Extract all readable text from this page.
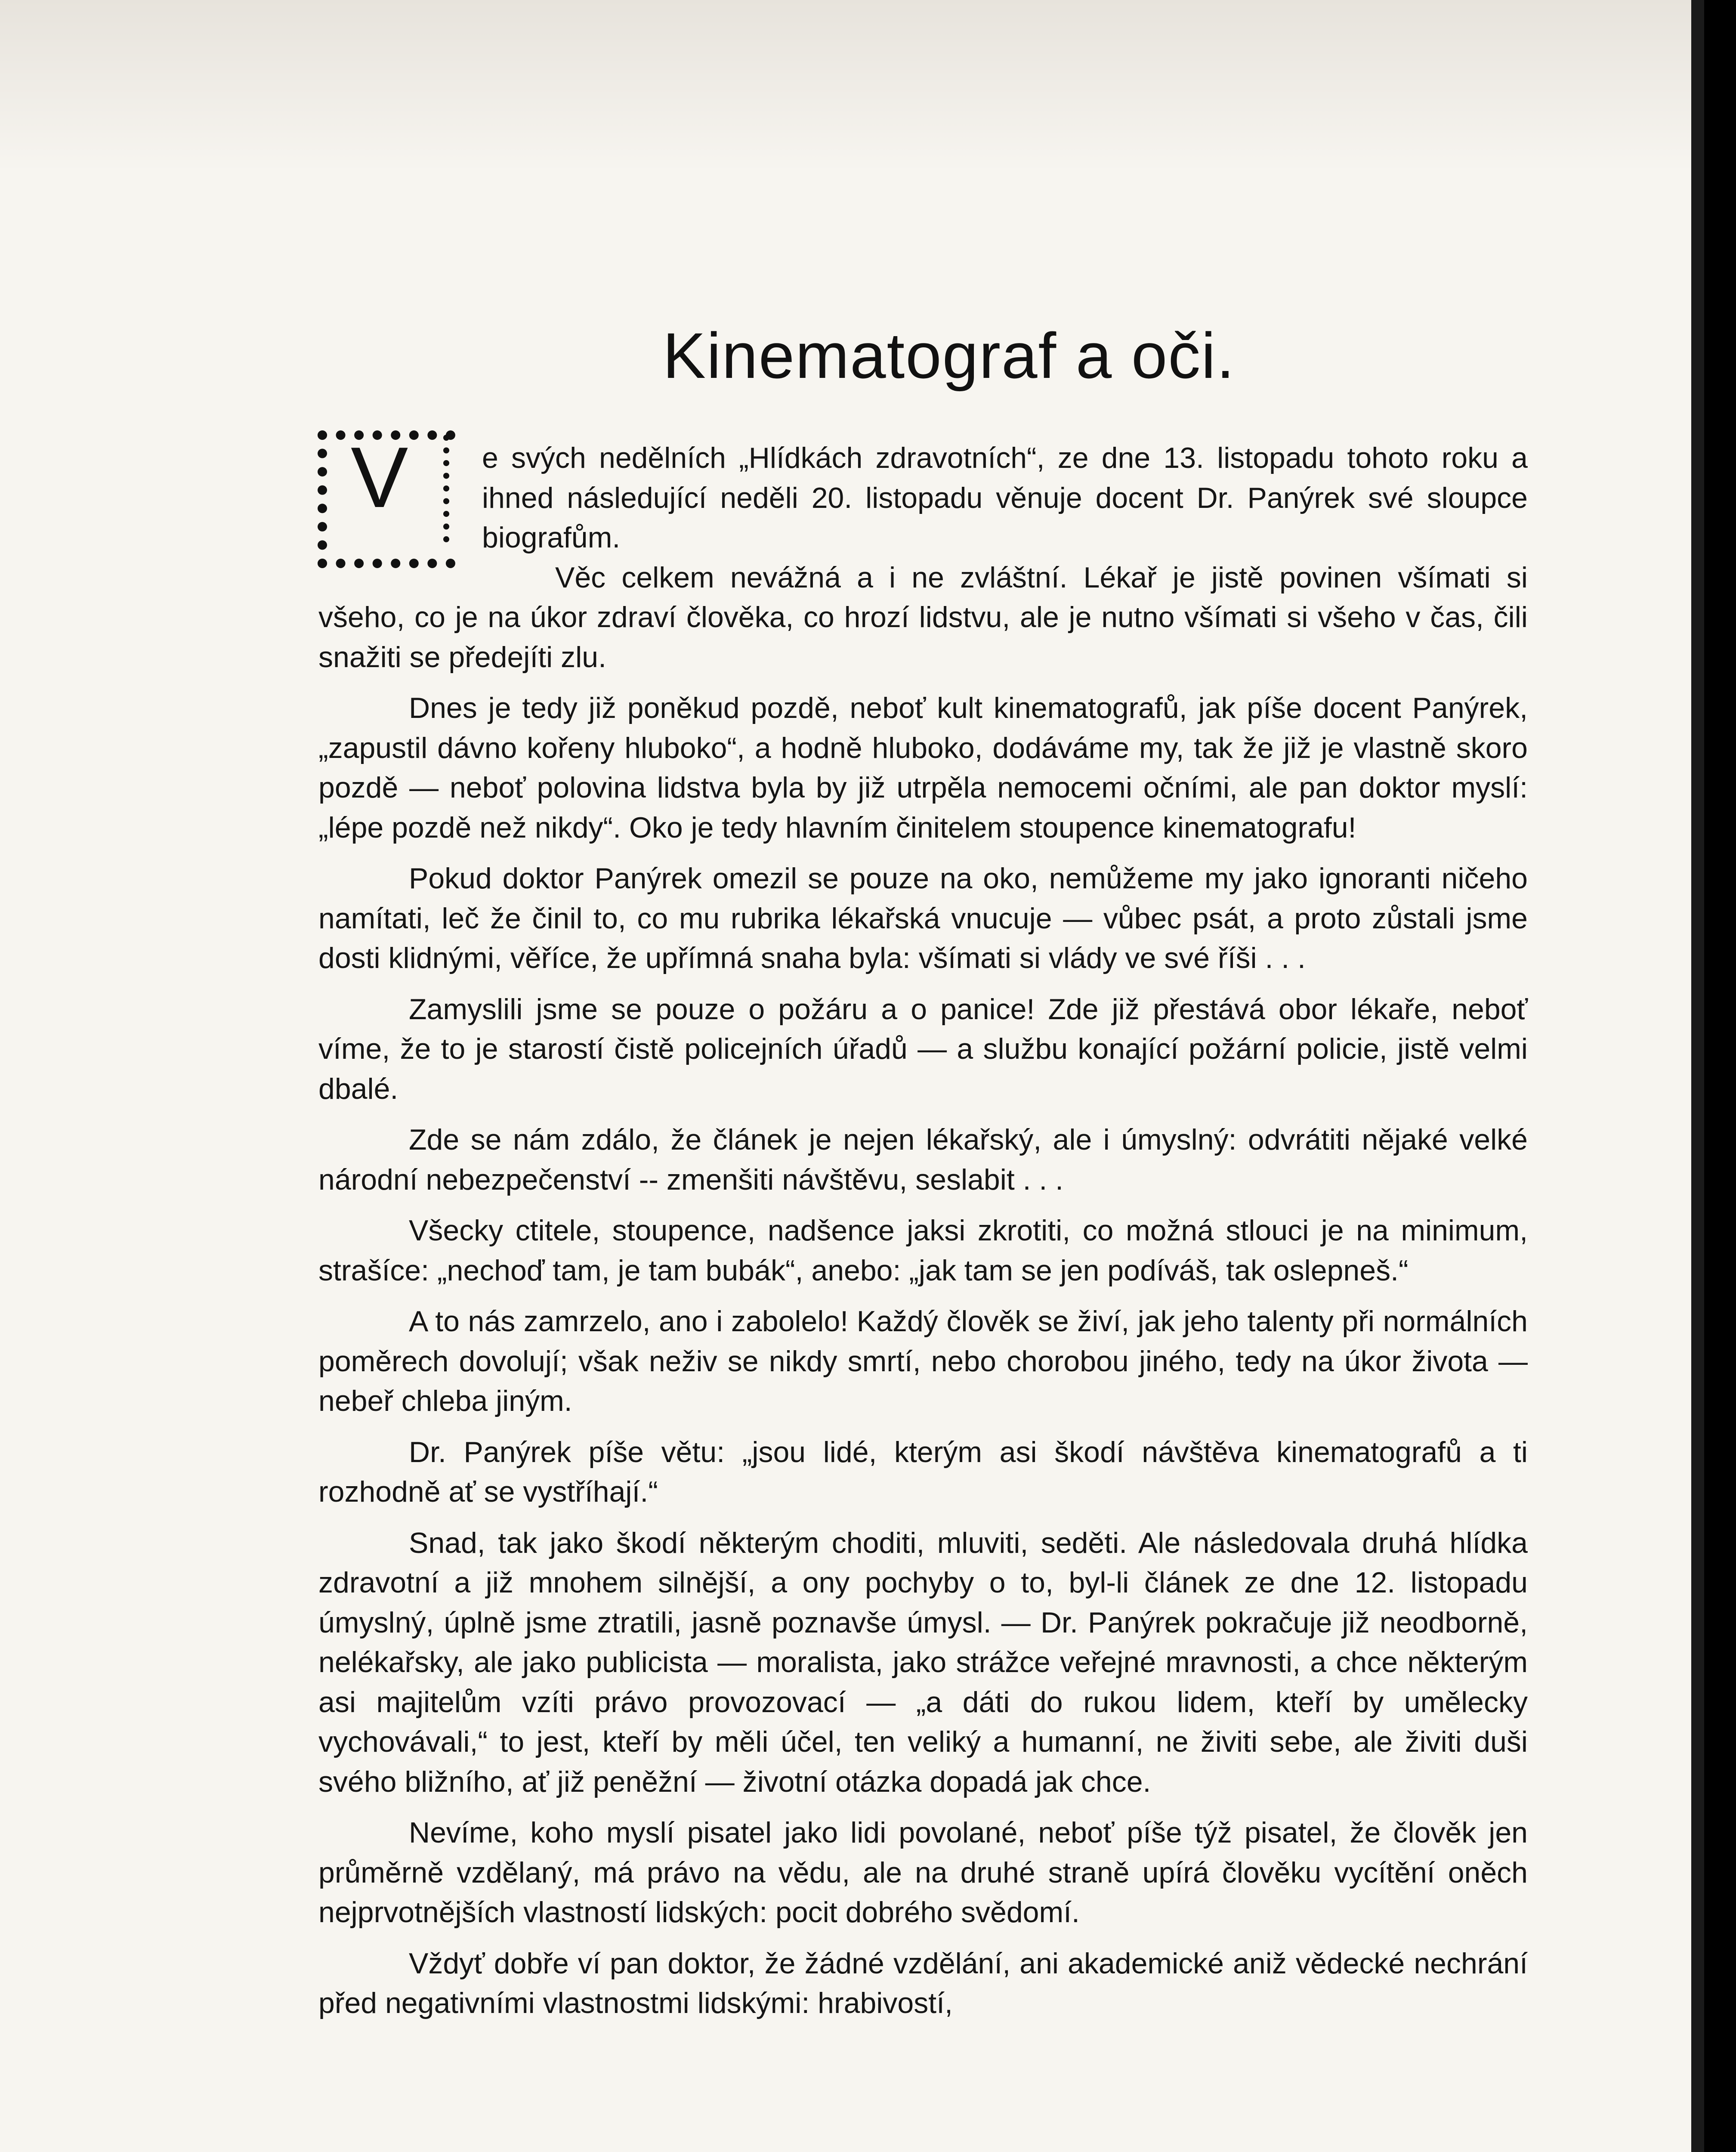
Kinematograf a oči.
V	e svých nedělních „Hlídkách zdravotních“, ze dne 13. listopadu tohoto roku a ihned následující neděli 20. listopadu věnuje docent Dr. Panýrek své sloupce biografům.

Věc celkem nevážná a i ne zvláštní. Lékař je jistě povinen všímati si všeho, co je na úkor zdraví člověka, co hrozí lidstvu, ale je nutno všímati si všeho v čas, čili snažiti se předejíti zlu.

Dnes je tedy již poněkud pozdě, neboť kult kinematografů, jak píše docent Panýrek, „zapustil dávno kořeny hluboko“, a hodně hluboko, dodáváme my, tak že již je vlastně skoro pozdě — neboť polovina lidstva byla by již utrpěla nemocemi očními, ale pan doktor myslí: „lépe pozdě než nikdy“. Oko je tedy hlavním činitelem stoupence kinematografu!

Pokud doktor Panýrek omezil se pouze na oko, nemůžeme my jako ignoranti ničeho namítati, leč že činil to, co mu rubrika lékařská vnucuje — vůbec psát, a proto zůstali jsme dosti klidnými, věříce, že upřímná snaha byla: všímati si vlády ve své říši . . .

Zamyslili jsme se pouze o požáru a o panice! Zde již přestává obor lékaře, neboť víme, že to je starostí čistě policejních úřadů — a službu konající požární policie, jistě velmi dbalé.

Zde se nám zdálo, že článek je nejen lékařský, ale i úmyslný: odvrátiti nějaké velké národní nebezpečenství -- zmenšiti návštěvu, seslabit . . .

Všecky ctitele, stoupence, nadšence jaksi zkrotiti, co možná stlouci je na minimum, strašíce: „nechoď tam, je tam bubák“, anebo: „jak tam se jen podíváš, tak oslepneš.“

A to nás zamrzelo, ano i zabolelo! Každý člověk se živí, jak jeho talenty při normálních poměrech dovolují; však neživ se nikdy smrtí, nebo chorobou jiného, tedy na úkor života — nebeř chleba jiným.

Dr. Panýrek píše větu: „jsou lidé, kterým asi škodí návštěva kinematografů a ti rozhodně ať se vystříhají.“

Snad, tak jako škodí některým choditi, mluviti, seděti. Ale následovala druhá hlídka zdravotní a již mnohem silnější, a ony pochyby o to, byl-li článek ze dne 12. listopadu úmyslný, úplně jsme ztratili, jasně poznavše úmysl. — Dr. Panýrek pokračuje již neodborně, nelékařsky, ale jako publicista — moralista, jako strážce veřejné mravnosti, a chce některým asi majitelům vzíti právo provozovací — „a dáti do rukou lidem, kteří by umělecky vychovávali,“ to jest, kteří by měli účel, ten veliký a humanní, ne živiti sebe, ale živiti duši svého bližního, ať již peněžní — životní otázka dopadá jak chce.

Nevíme, koho myslí pisatel jako lidi povolané, neboť píše týž pisatel, že člověk jen průměrně vzdělaný, má právo na vědu, ale na druhé straně upírá člověku vycítění oněch nejprvotnějších vlastností lidských: pocit dobrého svědomí.

Vždyť dobře ví pan doktor, že žádné vzdělání, ani akademické aniž vědecké nechrání před negativními vlastnostmi lidskými: hrabivostí,
